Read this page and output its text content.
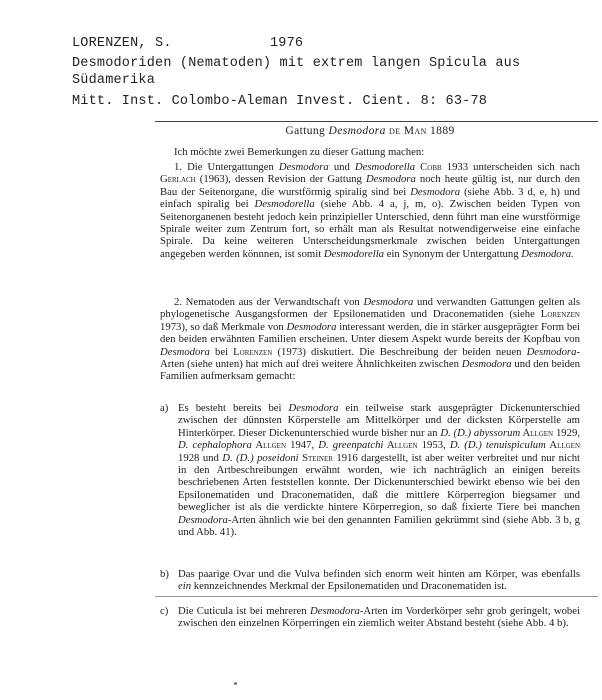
LORENZEN, S.	1976
Desmodoriden (Nematoden) mit extrem langen Spicula aus
Südamerika
Mitt. Inst. Colombo-Aleman Invest. Cient. 8: 63-78
Gattung Desmodora de Man 1889
Ich möchte zwei Bemerkungen zu dieser Gattung machen:
1. Die Untergattungen Desmodora und Desmodorella Cobb 1933 unterscheiden sich nach Gerlach (1963), dessen Revision der Gattung Desmodora noch heute gültig ist, nur durch den Bau der Seitenorgane, die wurstförmig spiralig sind bei Desmodora (siehe Abb. 3 d, e, h) und einfach spiralig bei Desmodorella (siehe Abb. 4 a, j, m, o). Zwischen beiden Typen von Seitenorganenen besteht jedoch kein prinzipieller Unterschied, denn führt man eine wurstförmige Spirale weiter zum Zentrum fort, so erhält man als Resultat notwendigerweise eine einfache Spirale. Da keine weiteren Unterscheidungsmerkmale zwischen beiden Untergattungen angegeben werden könnnen, ist somit Desmodorella ein Synonym der Untergattung Desmodora.
2. Nematoden aus der Verwandtschaft von Desmodora und verwandten Gattungen gelten als phylogenetische Ausgangsformen der Epsilonematiden und Draconematiden (siehe Lorenzen 1973), so daß Merkmale von Desmodora interessant werden, die in stärker ausgeprägter Form bei den beiden erwähnten Familien erscheinen. Unter diesem Aspekt wurde bereits der Kopfbau von Desmodora bei Lorenzen (1973) diskutiert. Die Beschreibung der beiden neuen Desmodora-Arten (siehe unten) hat mich auf drei weitere Ähnlichkeiten zwischen Desmodora und den beiden Familien aufmerksam gemacht:
a) Es besteht bereits bei Desmodora ein teilweise stark ausgeprägter Dickenunterschied zwischen der dünnsten Körperstelle am Mittelkörper und der dicksten Körperstelle am Hinterkörper. Dieser Dickenunterschied wurde bisher nur an D. (D.) abyssorum Allgen 1929, D. cephalophora Allgen 1947, D. greenpatchi Allgen 1953, D. (D.) tenuispiculum Allgen 1928 und D. (D.) poseidoni Steiner 1916 dargestellt, ist aber weiter verbreitet und nur nicht in den Artbeschreibungen erwähnt worden, wie ich nachträglich an einigen bereits beschriebenen Arten feststellen konnte. Der Dickenunterschied bewirkt ebenso wie bei den Epsilonematiden und Draconematiden, daß die mittlere Körperregion biegsamer und beweglicher ist als die verdickte hintere Körperregion, so daß fixierte Tiere bei manchen Desmodora-Arten ähnlich wie bei den genannten Familien gekrümmt sind (siehe Abb. 3 b, g und Abb. 41).
b) Das paarige Ovar und die Vulva befinden sich enorm weit hinten am Körper, was ebenfalls ein kennzeichnendes Merkmal der Epsilonematiden und Draconematiden ist.
c) Die Cuticula ist bei mehreren Desmodora-Arten im Vorderkörper sehr grob geringelt, wobei zwischen den einzelnen Körperringen ein ziemlich weiter Abstand besteht (siehe Abb. 4 b).
